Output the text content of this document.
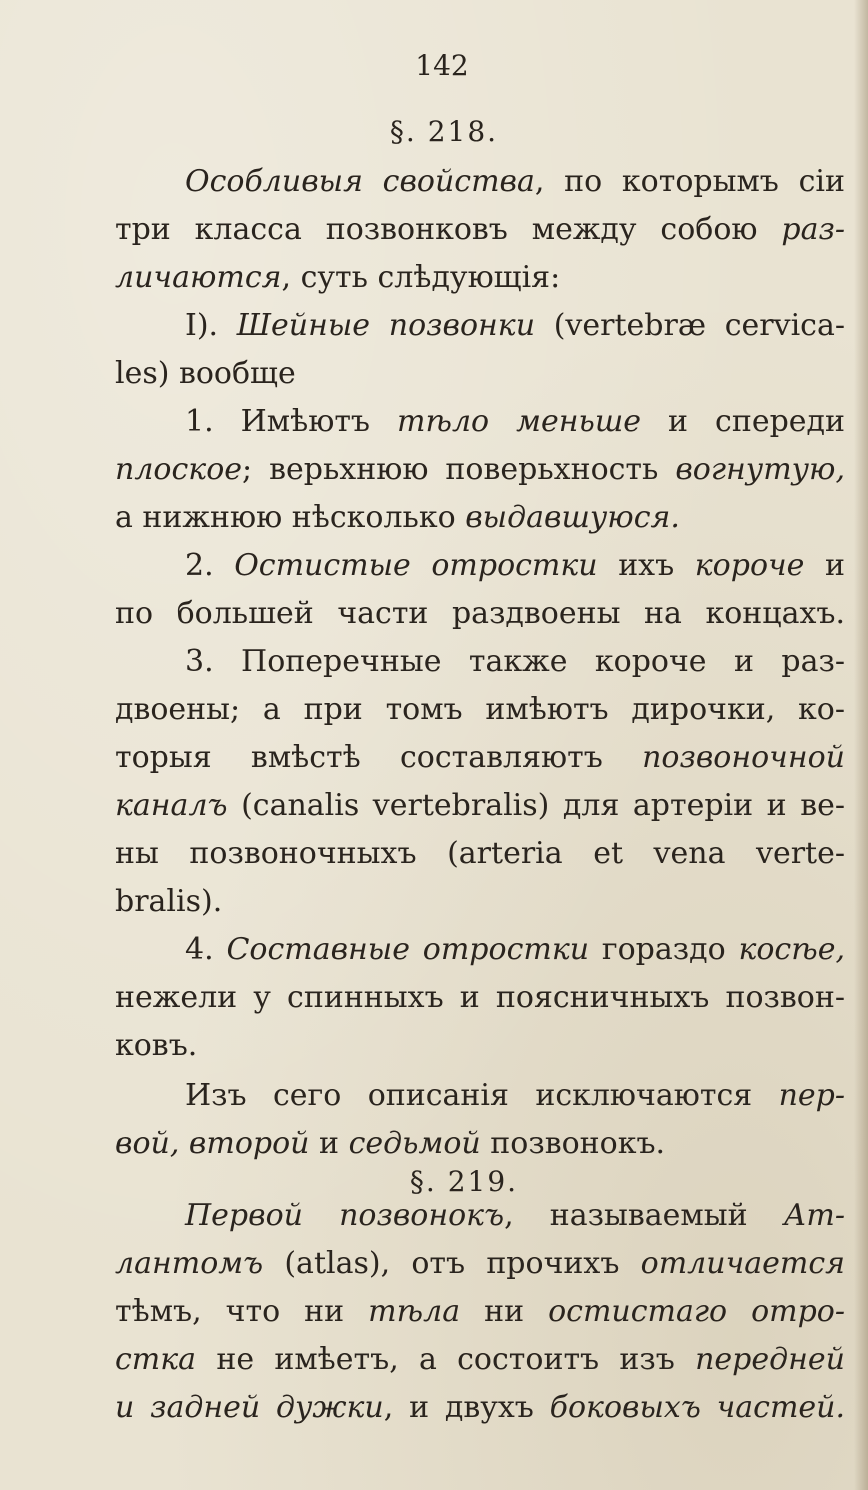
142
§. 218.
Особливыя свойства, по которымъ сіи
три класса позвонковъ между собою раз-
личаются, суть слѣдующія:
I). Шейные позвонки (vertebræ cervica-
les) вообще
1. Имѣютъ тѣло меньше и спереди
плоское; верьхнюю поверьхность вогнутую,
а нижнюю нѣсколько выдавшуюся.
2. Остистые отростки ихъ короче и
по большей части раздвоены на концахъ.
3. Поперечные также короче и раз-
двоены; а при томъ имѣютъ дирочки, ко-
торыя вмѣстѣ составляютъ позвоночной
каналъ (canalis vertebralis) для артеріи и ве-
ны позвоночныхъ (arteria et vena verte-
bralis).
4. Составные отростки гораздо косѣе,
нежели у спинныхъ и поясничныхъ позвон-
ковъ.
Изъ сего описанія исключаются пер-
вой, второй и седьмой позвонокъ.
§. 219.
Первой позвонокъ, называемый Ат-
лантомъ (atlas), отъ прочихъ отличается
тѣмъ, что ни тѣла ни остистаго отро-
стка не имѣетъ, а состоитъ изъ передней
и задней дужки, и двухъ боковыхъ частей.
